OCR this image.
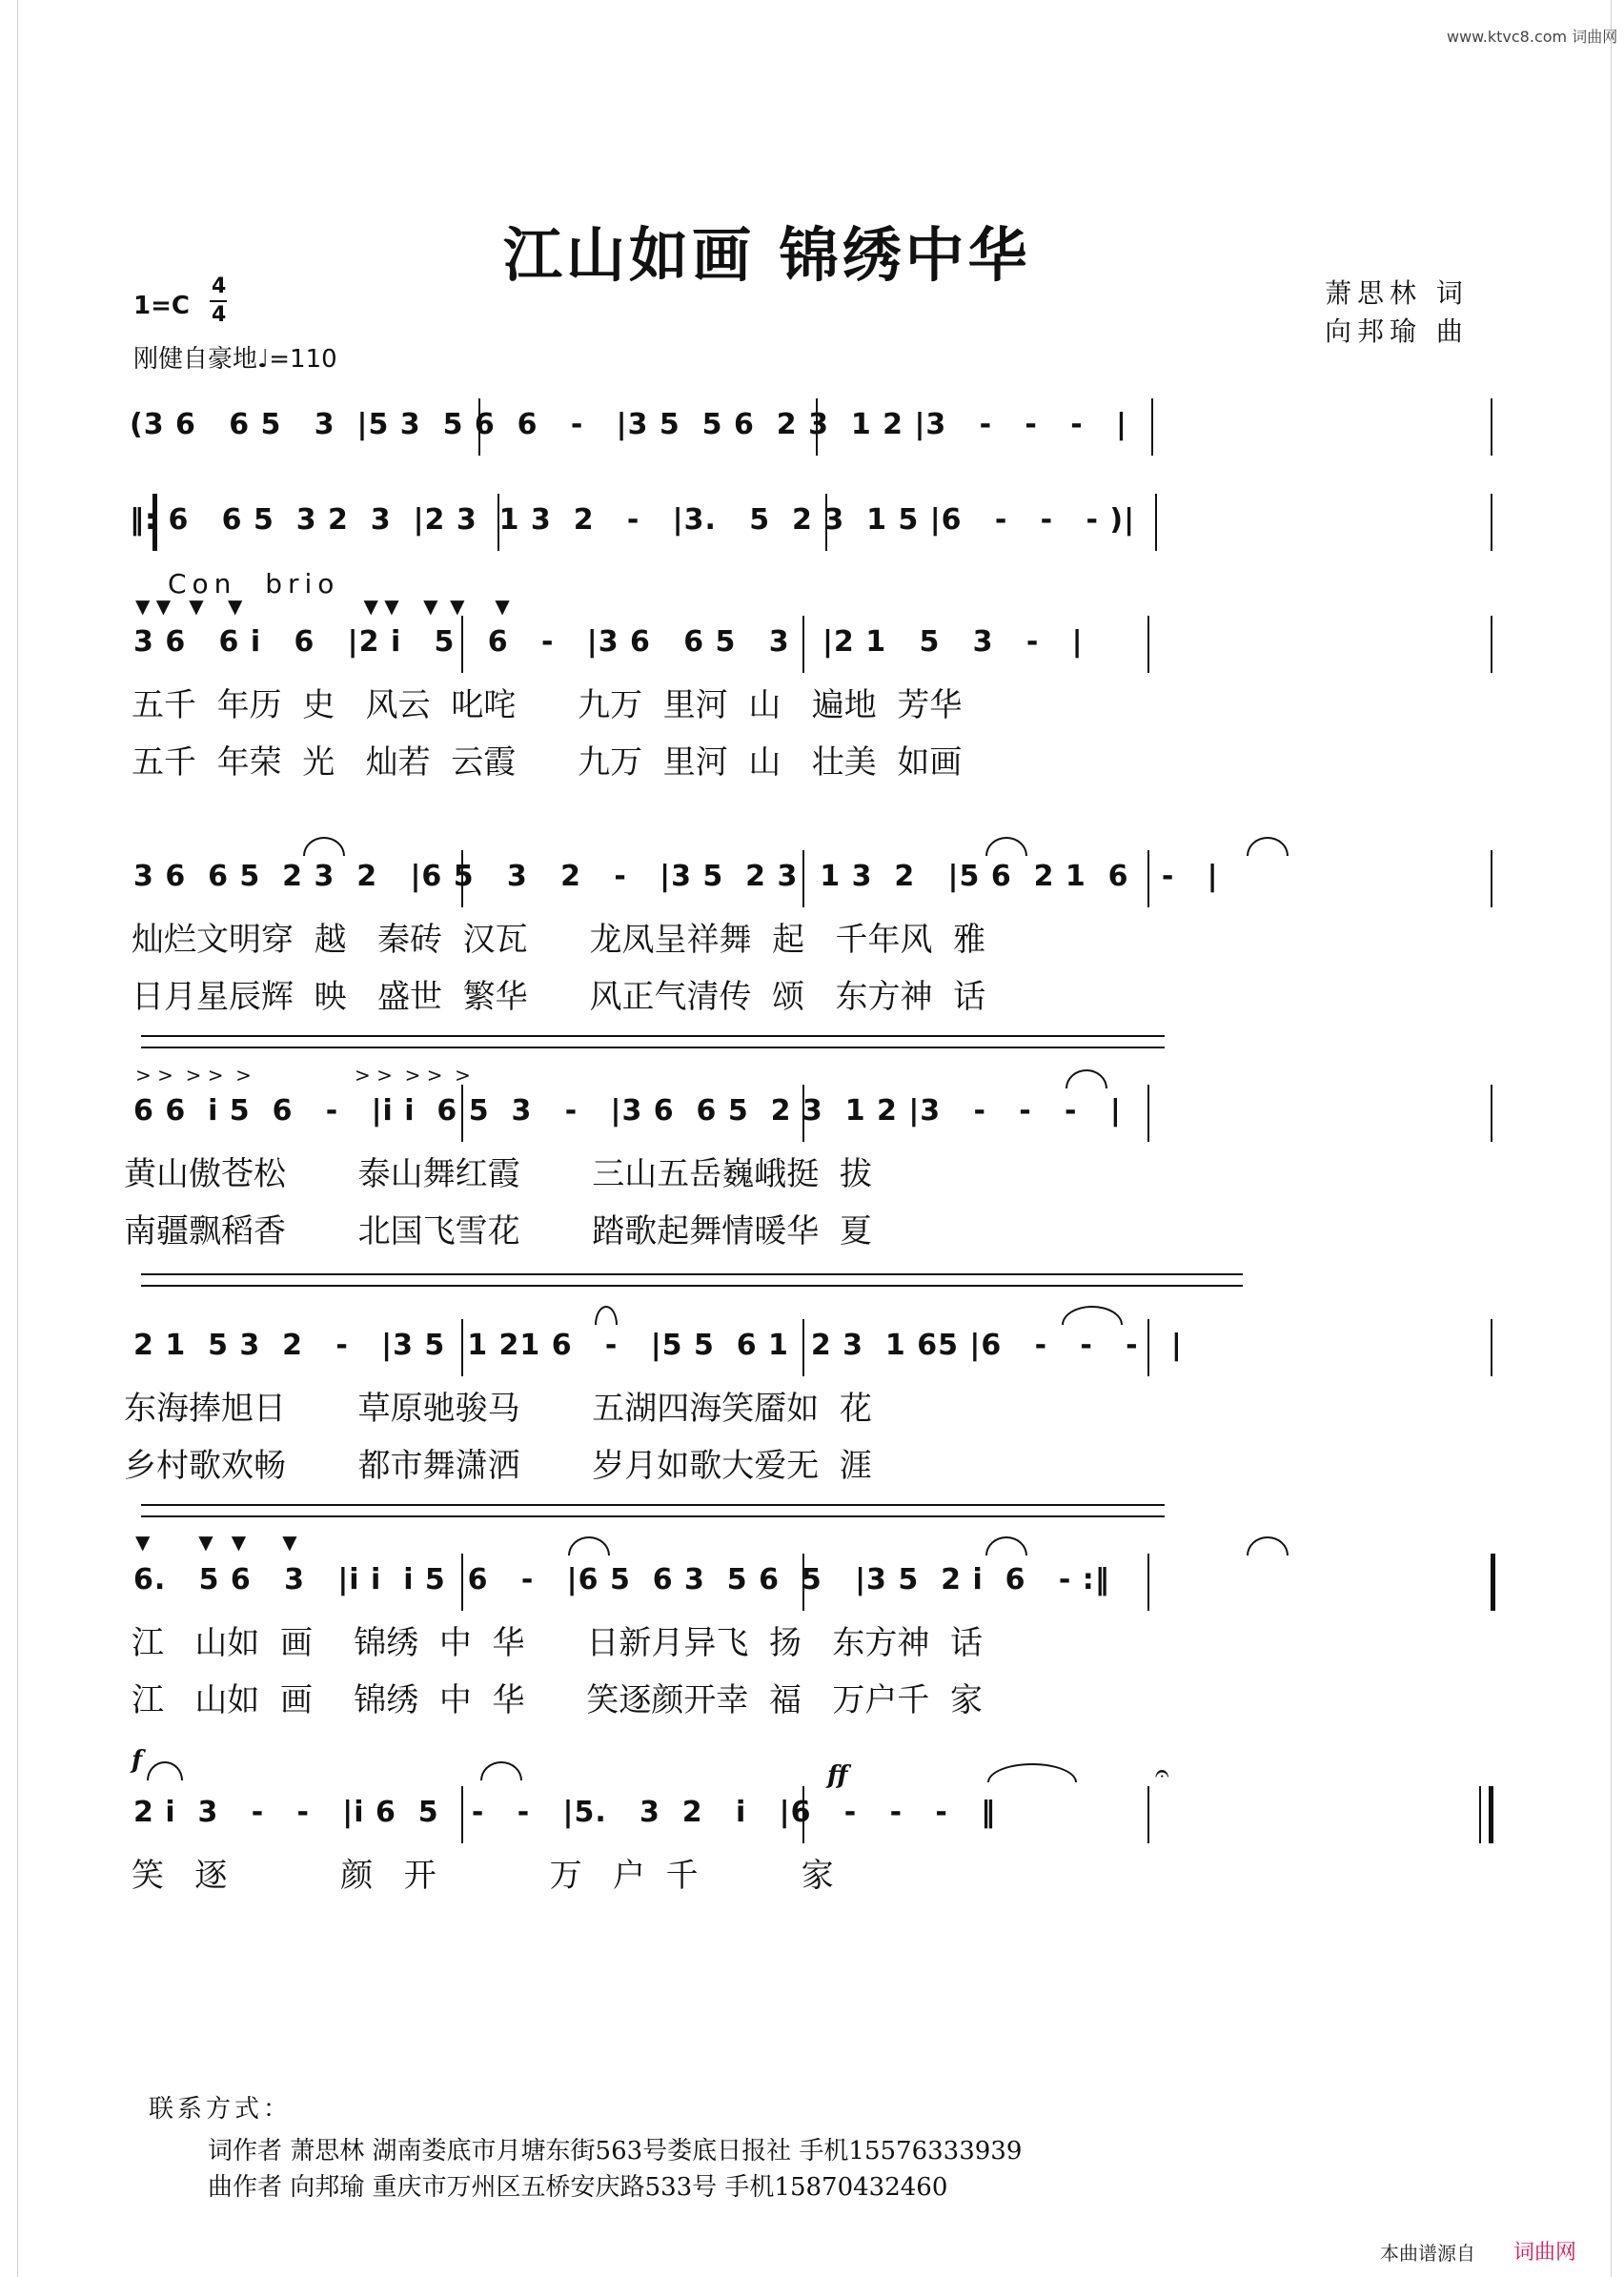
www.ktvc8.com 词曲网
江山如画 锦绣中华
1=C
4
4
刚健自豪地♩=110
萧思林 词
向邦瑜 曲
(3 6   6 5   3  |5 3  5 6  6   -   |3 5  5 6  2 3  1 2 |3   -   -   -   |
‖: 6   6 5  3 2  3  |2 3  1 3  2   -   |3.   5  2 3  1 5 |6   -   -   - )|
Con  brio
▼ ▼   ▼    ▼                    ▼ ▼    ▼  ▼     ▼
3 6   6 i   6   |2 i   5   6   -   |3 6   6 5   3   |2 1   5   3   -   |
五千  年历  史   风云  叱咤      九万  里河  山   遍地  芳华
五千  年荣  光   灿若  云霞      九万  里河  山   壮美  如画
3 6  6 5  2 3  2   |6 5   3   2   -   |3 5  2 3  1 3  2   |5 6  2 1  6   -   |
灿烂文明穿  越   秦砖  汉瓦      龙凤呈祥舞  起   千年风  雅
日月星辰辉  映   盛世  繁华      风正气清传  颂   东方神  话
> >  > >  >                 > >  > >  >
6 6  i 5  6   -   |i i  6 5  3   -   |3 6  6 5  2 3  1 2 |3   -   -   -   |
黄山傲苍松       泰山舞红霞       三山五岳巍峨挺  拔
南疆飘稻香       北国飞雪花       踏歌起舞情暖华  夏
2 1  5 3  2   -   |3 5  1 21 6   -   |5 5  6 1  2 3  1 65 |6   -   -   -   |
东海捧旭日       草原驰骏马       五湖四海笑靥如  花
乡村歌欢畅       都市舞潇洒       岁月如歌大爱无  涯
▼        ▼   ▼      ▼
6.   5 6   3   |i i  i 5  6   -   |6 5  6 3  5 6  5   |3 5  2 i  6   - :‖
江   山如  画    锦绣  中  华      日新月异飞  扬   东方神  话
江   山如  画    锦绣  中  华      笑逐颜开幸  福   万户千  家
f
ff	𝄐
2 i  3   -   -   |i 6  5   -   -   |5.   3  2   i   |6   -   -   -   ‖
笑   逐           颜   开           万   户  千          家
联系方式：
词作者 萧思林 湖南娄底市月塘东街563号娄底日报社 手机15576333939
曲作者 向邦瑜 重庆市万州区五桥安庆路533号 手机15870432460
本曲谱源自 词曲网
